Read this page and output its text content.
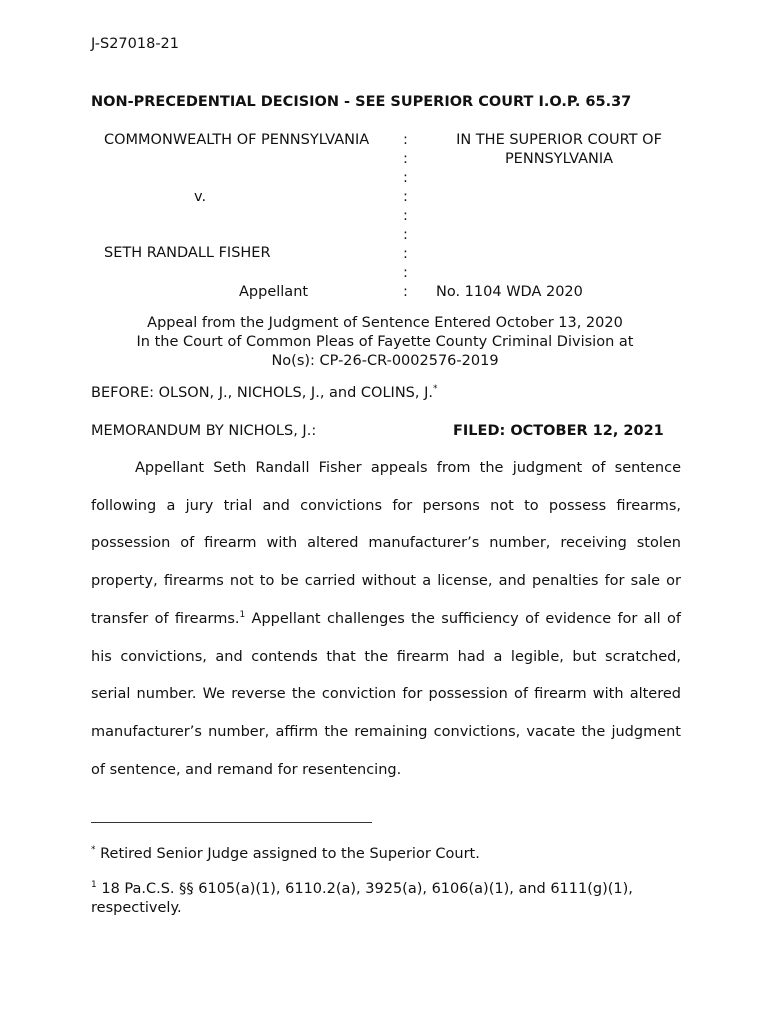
J-S27018-21
NON-PRECEDENTIAL DECISION - SEE SUPERIOR COURT I.O.P. 65.37
COMMONWEALTH OF PENNSYLVANIA
v.
SETH RANDALL FISHER
Appellant
:
:
:
:
:
:
:
:
:
IN THE SUPERIOR COURT OF
PENNSYLVANIA
No. 1104 WDA 2020
Appeal from the Judgment of Sentence Entered October 13, 2020
In the Court of Common Pleas of Fayette County Criminal Division at
No(s): CP-26-CR-0002576-2019
BEFORE: OLSON, J., NICHOLS, J., and COLINS, J.*
MEMORANDUM BY NICHOLS, J.:	FILED: OCTOBER 12, 2021
Appellant Seth Randall Fisher appeals from the judgment of sentence following a jury trial and convictions for persons not to possess firearms, possession of firearm with altered manufacturer’s number, receiving stolen property, firearms not to be carried without a license, and penalties for sale or transfer of firearms.$^1$ Appellant challenges the sufficiency of evidence for all of his convictions, and contends that the firearm had a legible, but scratched, serial number. We reverse the conviction for possession of firearm with altered manufacturer’s number, affirm the remaining convictions, vacate the judgment of sentence, and remand for resentencing.
* Retired Senior Judge assigned to the Superior Court.
$^1$ 18 Pa.C.S. §§ 6105(a)(1), 6110.2(a), 3925(a), 6106(a)(1), and 6111(g)(1), respectively.
